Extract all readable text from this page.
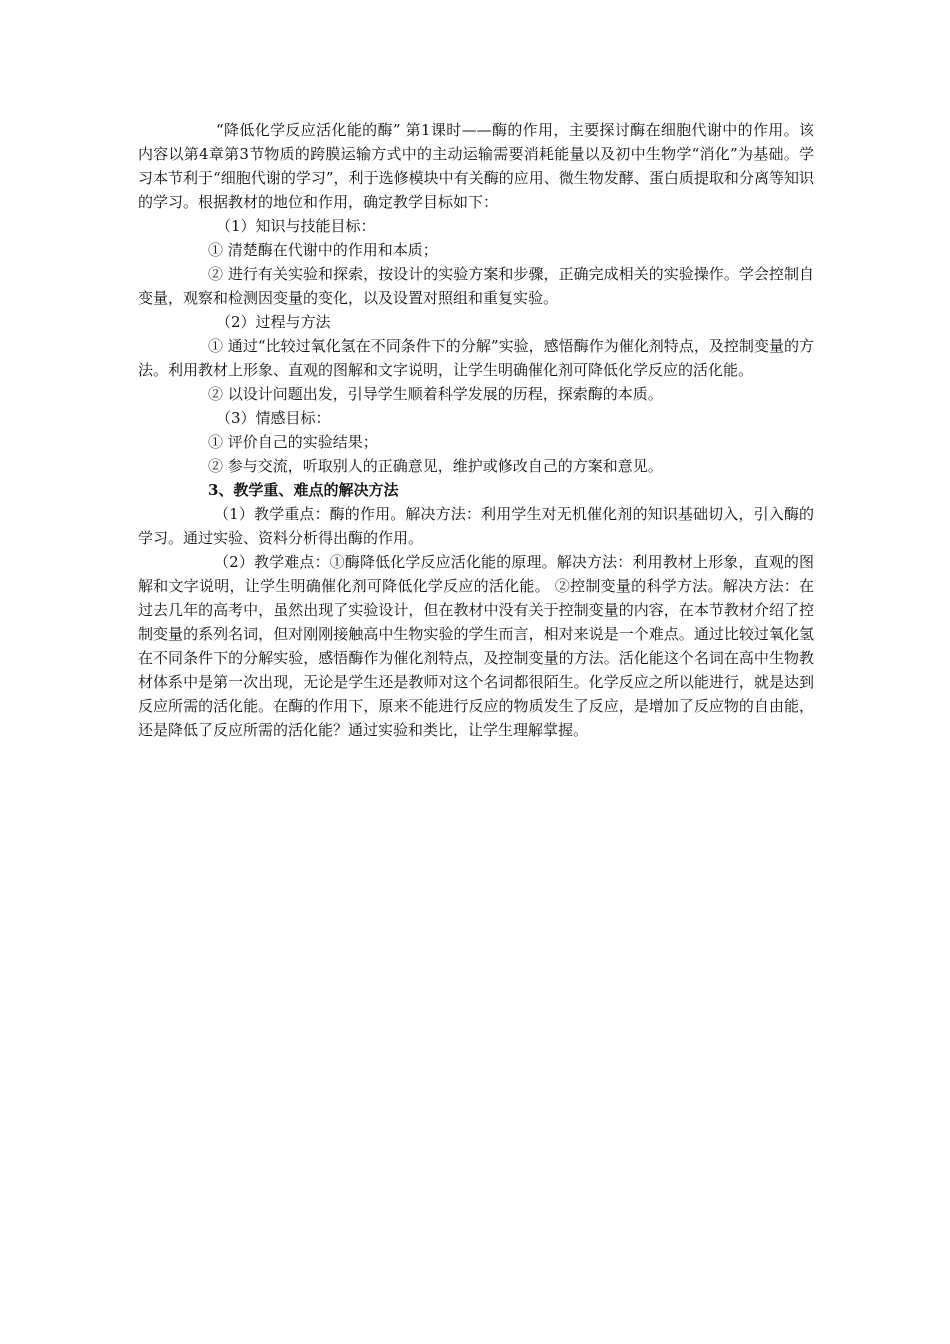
“降低化学反应活化能的酶” 第1课时——酶的作用，主要探讨酶在细胞代谢中的作用。该内容以第4章第3节物质的跨膜运输方式中的主动运输需要消耗能量以及初中生物学“消化”为基础。学习本节利于“细胞代谢的学习”，利于选修模块中有关酶的应用、微生物发酵、蛋白质提取和分离等知识的学习。根据教材的地位和作用，确定教学目标如下：

（1）知识与技能目标：

① 清楚酶在代谢中的作用和本质；

② 进行有关实验和探索，按设计的实验方案和步骤，正确完成相关的实验操作。学会控制自变量，观察和检测因变量的变化，以及设置对照组和重复实验。

（2）过程与方法

① 通过“比较过氧化氢在不同条件下的分解”实验，感悟酶作为催化剂特点，及控制变量的方法。利用教材上形象、直观的图解和文字说明，让学生明确催化剂可降低化学反应的活化能。

② 以设计问题出发，引导学生顺着科学发展的历程，探索酶的本质。

（3）情感目标：

① 评价自己的实验结果；

② 参与交流，听取别人的正确意见，维护或修改自己的方案和意见。

3、教学重、难点的解决方法

（1）教学重点：酶的作用。解决方法：利用学生对无机催化剂的知识基础切入，引入酶的学习。通过实验、资料分析得出酶的作用。

（2）教学难点：①酶降低化学反应活化能的原理。解决方法：利用教材上形象，直观的图解和文字说明，让学生明确催化剂可降低化学反应的活化能。 ②控制变量的科学方法。解决方法：在过去几年的高考中，虽然出现了实验设计，但在教材中没有关于控制变量的内容，在本节教材介绍了控制变量的系列名词，但对刚刚接触高中生物实验的学生而言，相对来说是一个难点。通过比较过氧化氢在不同条件下的分解实验，感悟酶作为催化剂特点，及控制变量的方法。活化能这个名词在高中生物教材体系中是第一次出现，无论是学生还是教师对这个名词都很陌生。化学反应之所以能进行，就是达到反应所需的活化能。在酶的作用下，原来不能进行反应的物质发生了反应，是增加了反应物的自由能，还是降低了反应所需的活化能？通过实验和类比，让学生理解掌握。
